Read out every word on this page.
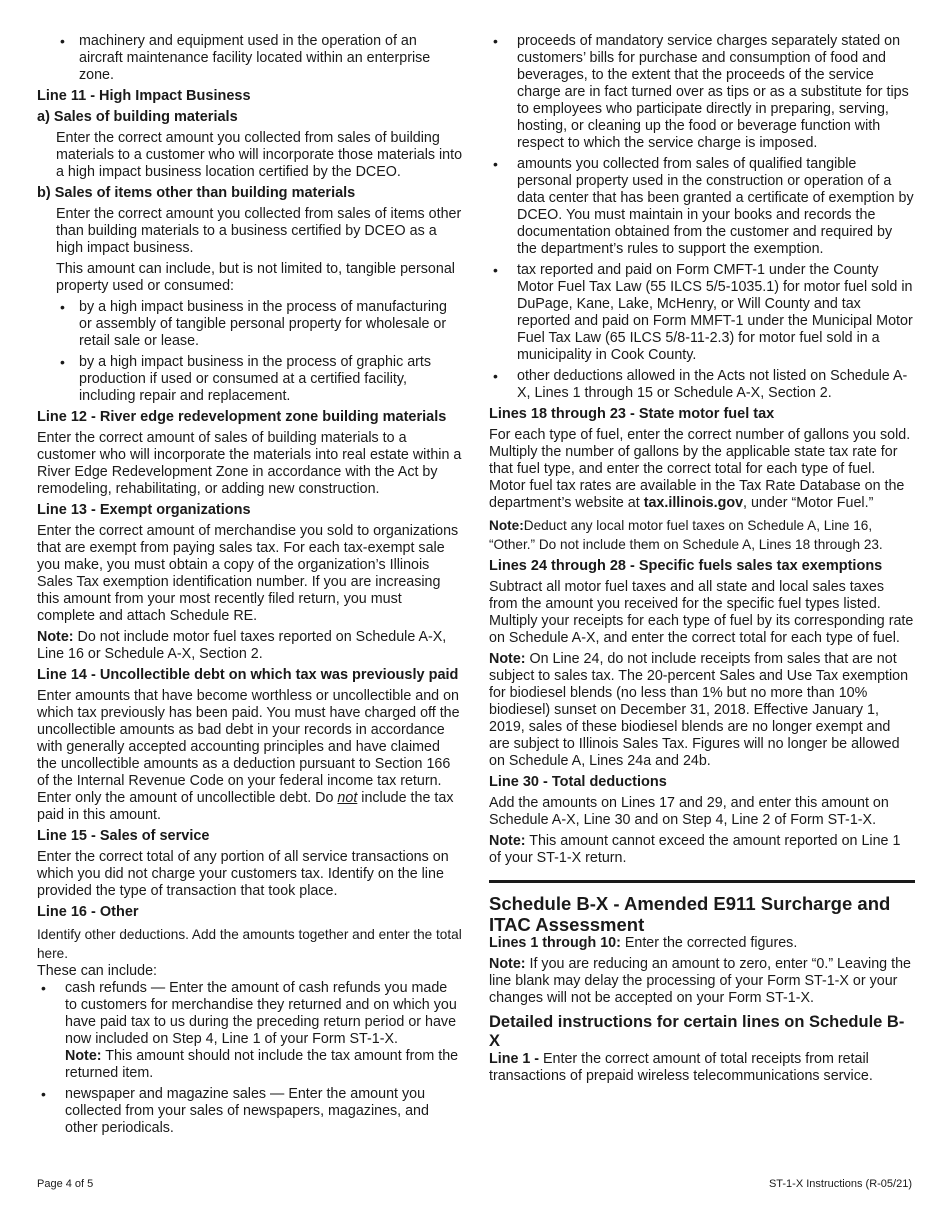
• machinery and equipment used in the operation of an aircraft maintenance facility located within an enterprise zone.
Line 11 - High Impact Business
a) Sales of building materials

Enter the correct amount you collected from sales of building materials to a customer who will incorporate those materials into a high impact business location certified by the DCEO.

b) Sales of items other than building materials

Enter the correct amount you collected from sales of items other than building materials to a business certified by DCEO as a high impact business.

This amount can include, but is not limited to, tangible personal property used or consumed:

• by a high impact business in the process of manufacturing or assembly of tangible personal property for wholesale or retail sale or lease.
• by a high impact business in the process of graphic arts production if used or consumed at a certified facility, including repair and replacement.
Line 12 - River edge redevelopment zone building materials

Enter the correct amount of sales of building materials to a customer who will incorporate the materials into real estate within a River Edge Redevelopment Zone in accordance with the Act by remodeling, rehabilitating, or adding new construction.

Line 13 - Exempt organizations

Enter the correct amount of merchandise you sold to organizations that are exempt from paying sales tax. For each tax-exempt sale you make, you must obtain a copy of the organization’s Illinois Sales Tax exemption identification number. If you are increasing this amount from your most recently filed return, you must complete and attach Schedule RE.

Note: Do not include motor fuel taxes reported on Schedule A-X, Line 16 or Schedule A-X, Section 2.

Line 14 - Uncollectible debt on which tax was previously paid

Enter amounts that have become worthless or uncollectible and on which tax previously has been paid. You must have charged off the uncollectible amounts as bad debt in your records in accordance with generally accepted accounting principles and have claimed the uncollectible amounts as a deduction pursuant to Section 166 of the Internal Revenue Code on your federal income tax return. Enter only the amount of uncollectible debt. Do not include the tax paid in this amount.

Line 15 - Sales of service

Enter the correct total of any portion of all service transactions on which you did not charge your customers tax. Identify on the line provided the type of transaction that took place.

Line 16 - Other

Identify other deductions. Add the amounts together and enter the total here.

These can include:

• cash refunds — Enter the amount of cash refunds you made to customers for merchandise they returned and on which you have paid tax to us during the preceding return period or have now included on Step 4, Line 1 of your Form ST-1-X.
Note: This amount should not include the tax amount from the returned item.
• newspaper and magazine sales — Enter the amount you collected from your sales of newspapers, magazines, and other periodicals.
• proceeds of mandatory service charges separately stated on customers’ bills for purchase and consumption of food and beverages, to the extent that the proceeds of the service charge are in fact turned over as tips or as a substitute for tips to employees who participate directly in preparing, serving, hosting, or cleaning up the food or beverage function with respect to which the service charge is imposed.
• amounts you collected from sales of qualified tangible personal property used in the construction or operation of a data center that has been granted a certificate of exemption by DCEO. You must maintain in your books and records the documentation obtained from the customer and required by the department’s rules to support the exemption.
• tax reported and paid on Form CMFT-1 under the County Motor Fuel Tax Law (55 ILCS 5/5-1035.1) for motor fuel sold in DuPage, Kane, Lake, McHenry, or Will County and tax reported and paid on Form MMFT-1 under the Municipal Motor Fuel Tax Law (65 ILCS 5/8-11-2.3) for motor fuel sold in a municipality in Cook County.
• other deductions allowed in the Acts not listed on Schedule A-X, Lines 1 through 15 or Schedule A-X, Section 2.
Lines 18 through 23 - State motor fuel tax

For each type of fuel, enter the correct number of gallons you sold. Multiply the number of gallons by the applicable state tax rate for that fuel type, and enter the correct total for each type of fuel. Motor fuel tax rates are available in the Tax Rate Database on the department’s website at tax.illinois.gov, under “Motor Fuel.”

Note:Deduct any local motor fuel taxes on Schedule A, Line 16, “Other.” Do not include them on Schedule A, Lines 18 through 23.

Lines 24 through 28 - Specific fuels sales tax exemptions

Subtract all motor fuel taxes and all state and local sales taxes from the amount you received for the specific fuel types listed. Multiply your receipts for each type of fuel by its corresponding rate on Schedule A-X, and enter the correct total for each type of fuel.

Note: On Line 24, do not include receipts from sales that are not subject to sales tax. The 20-percent Sales and Use Tax exemption for biodiesel blends (no less than 1% but no more than 10% biodiesel) sunset on December 31, 2018. Effective January 1, 2019, sales of these biodiesel blends are no longer exempt and are subject to Illinois Sales Tax. Figures will no longer be allowed on Schedule A, Lines 24a and 24b.

Line 30 - Total deductions

Add the amounts on Lines 17 and 29, and enter this amount on Schedule A-X, Line 30 and on Step 4, Line 2 of Form ST-1-X.

Note: This amount cannot exceed the amount reported on Line 1 of your ST-1-X return.

Schedule B-X - Amended E911 Surcharge and ITAC Assessment

Lines 1 through 10: Enter the corrected figures.

Note: If you are reducing an amount to zero, enter “0.” Leaving the line blank may delay the processing of your Form ST-1-X or your changes will not be accepted on your Form ST-1-X.

Detailed instructions for certain lines on Schedule B-X

Line 1 - Enter the correct amount of total receipts from retail transactions of prepaid wireless telecommunications service.

Page 4 of 5	ST-1-X Instructions (R-05/21)
